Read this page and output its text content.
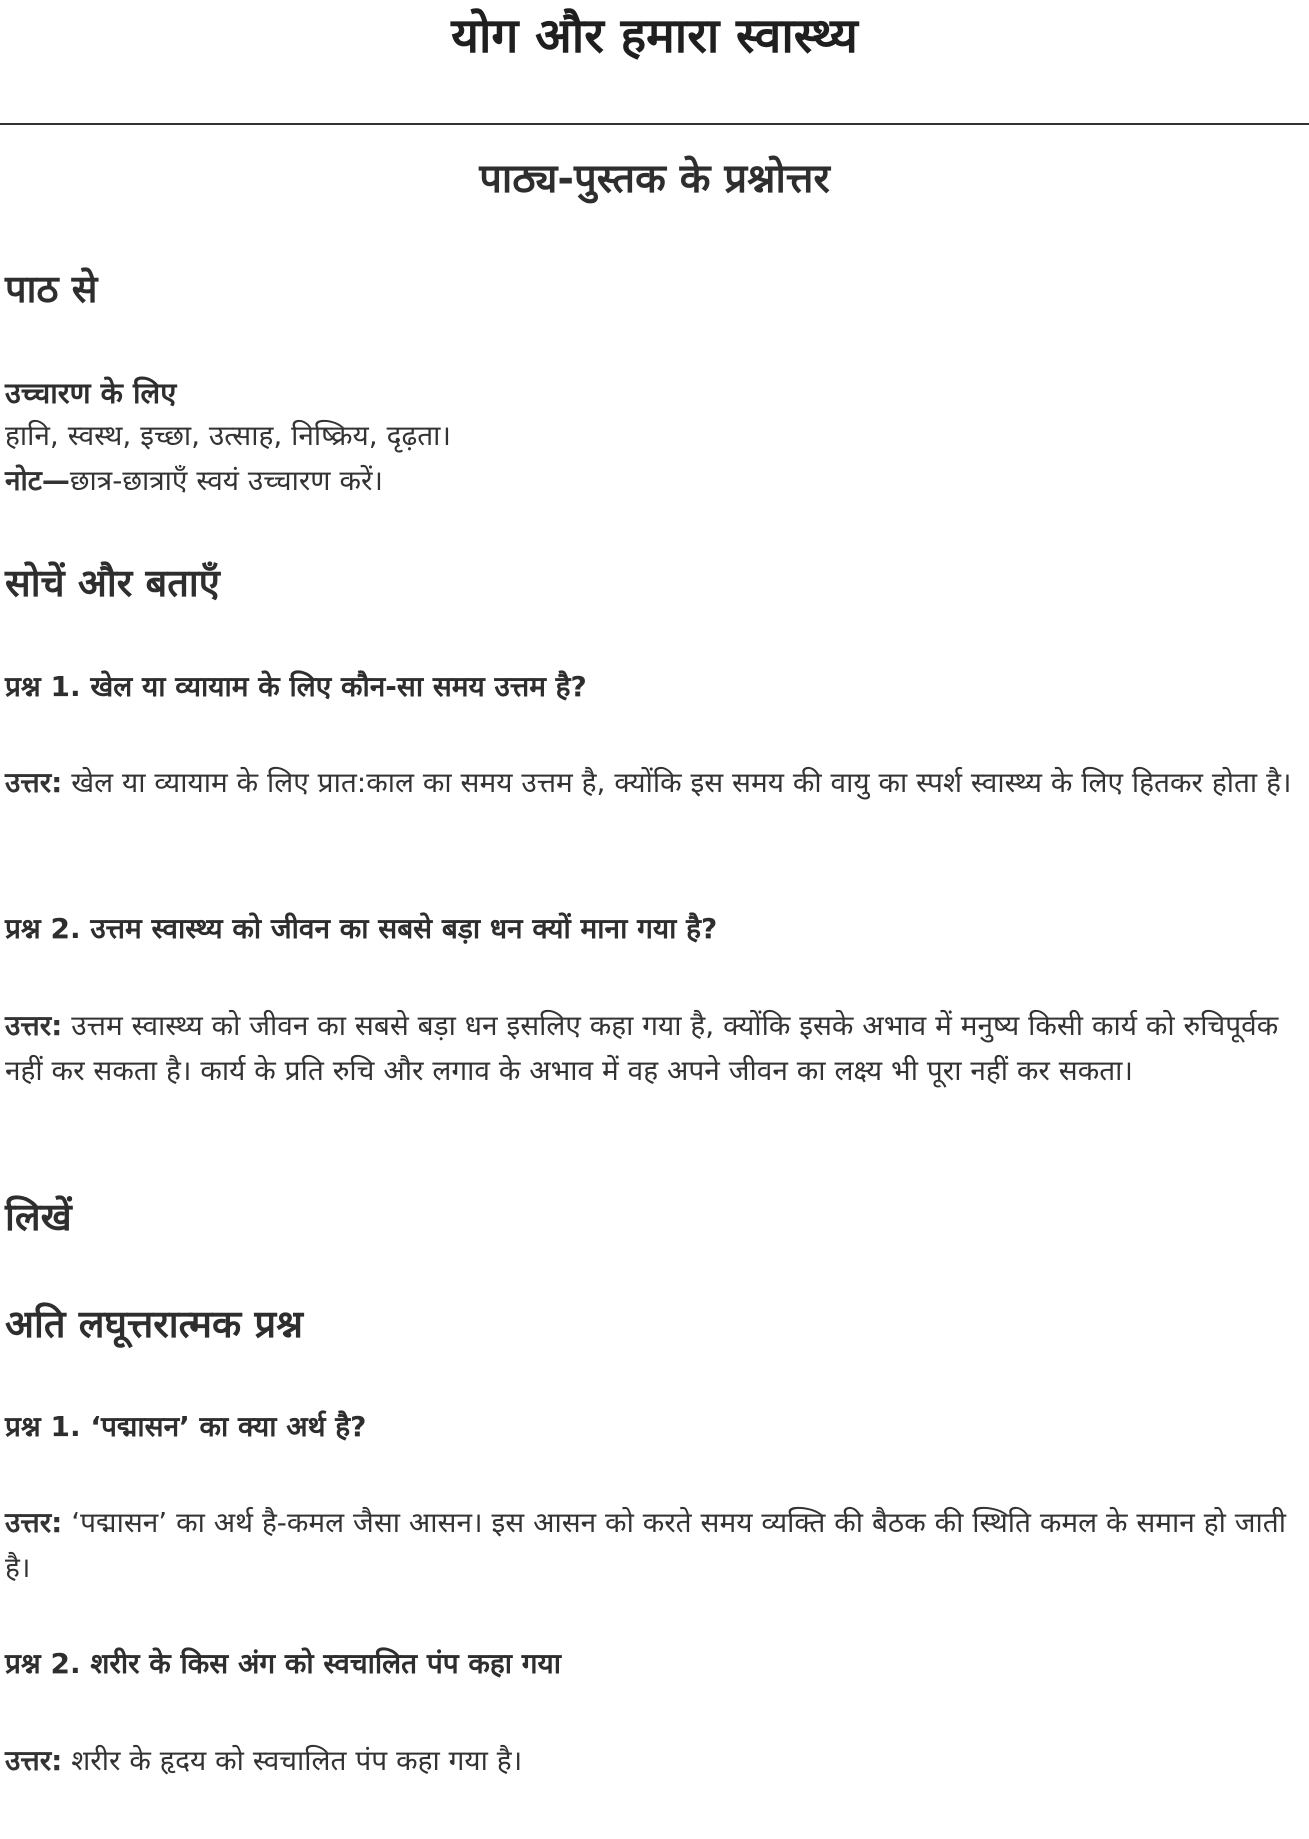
योग और हमारा स्वास्थ्य
पाठ्य-पुस्तक के प्रश्नोत्तर
पाठ से
उच्चारण के लिए

हानि, स्वस्थ, इच्छा, उत्साह, निष्क्रिय, दृढ़ता।

नोट—छात्र-छात्राएँ स्वयं उच्चारण करें।

सोचें और बताएँ

प्रश्न 1. खेल या व्यायाम के लिए कौन-सा समय उत्तम है?

उत्तर: खेल या व्यायाम के लिए प्रात:काल का समय उत्तम है, क्योंकि इस समय की वायु का स्पर्श स्वास्थ्य के लिए हितकर होता है।

प्रश्न 2. उत्तम स्वास्थ्य को जीवन का सबसे बड़ा धन क्यों माना गया है?

उत्तर: उत्तम स्वास्थ्य को जीवन का सबसे बड़ा धन इसलिए कहा गया है, क्योंकि इसके अभाव में मनुष्य किसी कार्य को रुचिपूर्वक नहीं कर सकता है। कार्य के प्रति रुचि और लगाव के अभाव में वह अपने जीवन का लक्ष्य भी पूरा नहीं कर सकता।

लिखें
अति लघूत्तरात्मक प्रश्न

प्रश्न 1. ‘पद्मासन’ का क्या अर्थ है?

उत्तर: ‘पद्मासन’ का अर्थ है-कमल जैसा आसन। इस आसन को करते समय व्यक्ति की बैठक की स्थिति कमल के समान हो जाती है।

प्रश्न 2. शरीर के किस अंग को स्वचालित पंप कहा गया

उत्तर: शरीर के हृदय को स्वचालित पंप कहा गया है।
